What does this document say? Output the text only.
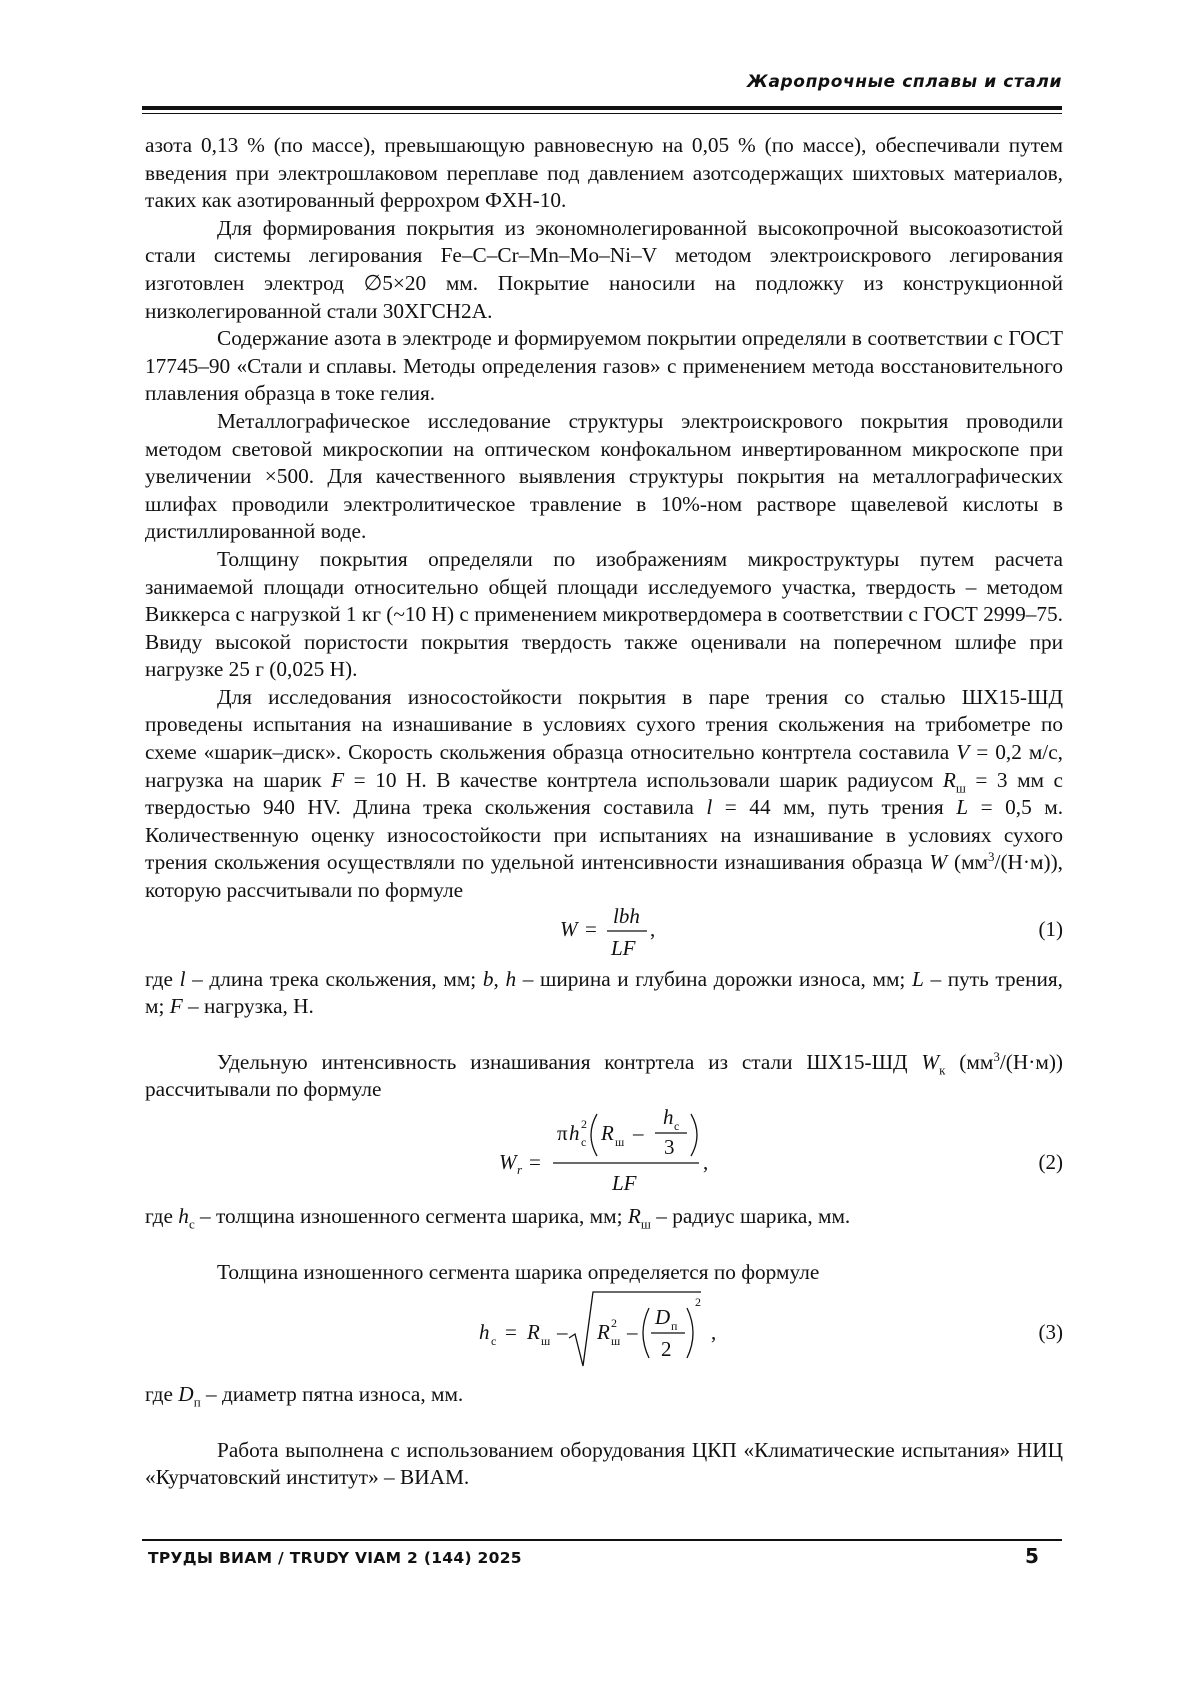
Жаропрочные сплавы и стали

азота 0,13 % (по массе), превышающую равновесную на 0,05 % (по массе), обеспечивали путем введения при электрошлаковом переплаве под давлением азотсодержащих шихтовых материалов, таких как азотированный феррохром ФХН-10.

Для формирования покрытия из экономнолегированной высокопрочной высокоазотистой стали системы легирования Fe–C–Cr–Mn–Mo–Ni–V методом электроискрового легирования изготовлен электрод ∅5×20 мм. Покрытие наносили на подложку из конструкционной низколегированной стали 30ХГСН2А.

Содержание азота в электроде и формируемом покрытии определяли в соответствии с ГОСТ 17745–90 «Стали и сплавы. Методы определения газов» с применением метода восстановительного плавления образца в токе гелия.

Металлографическое исследование структуры электроискрового покрытия проводили методом световой микроскопии на оптическом конфокальном инвертированном микроскопе при увеличении ×500. Для качественного выявления структуры покрытия на металлографических шлифах проводили электролитическое травление в 10%-ном растворе щавелевой кислоты в дистиллированной воде.

Толщину покрытия определяли по изображениям микроструктуры путем расчета занимаемой площади относительно общей площади исследуемого участка, твердость – методом Виккерса с нагрузкой 1 кг (~10 Н) с применением микротвердомера в соответствии с ГОСТ 2999–75. Ввиду высокой пористости покрытия твердость также оценивали на поперечном шлифе при нагрузке 25 г (0,025 Н).

Для исследования износостойкости покрытия в паре трения со сталью ШХ15-ШД проведены испытания на изнашивание в условиях сухого трения скольжения на трибометре по схеме «шарик–диск». Скорость скольжения образца относительно контртела составила V = 0,2 м/с, нагрузка на шарик F = 10 Н. В качестве контртела использовали шарик радиусом $R_ш = 3$ мм с твердостью 940 HV. Длина трека скольжения составила l = 44 мм, путь трения L = 0,5 м. Количественную оценку износостойкости при испытаниях на изнашивание в условиях сухого трения скольжения осуществляли по удельной интенсивности изнашивания образца W $(мм^3/(Н\cdot м))$, которую рассчитывали по формуле

W =
lbh
LF
,	(1)

где l – длина трека скольжения, мм; b, h – ширина и глубина дорожки износа, мм; L – путь трения, м; F – нагрузка, Н.

Удельную интенсивность изнашивания контртела из стали ШХ15-ШД $W_к$ $(мм^3/(Н\cdot м))$ рассчитывали по формуле

W r =
π h 2
с R ш –
h с
3
LF
,	(2)

где $h_с$ – толщина изношенного сегмента шарика, мм; $R_ш$ – радиус шарика, мм.

Толщина изношенного сегмента шарика определяется по формуле

h с = R ш – R 2
ш –
D п
2
2
,	(3)

где $D_п$ – диаметр пятна износа, мм.

Работа выполнена с использованием оборудования ЦКП «Климатические испытания» НИЦ «Курчатовский институт» – ВИАМ.

ТРУДЫ ВИАМ / TRUDY VIAM 2 (144) 2025	5
